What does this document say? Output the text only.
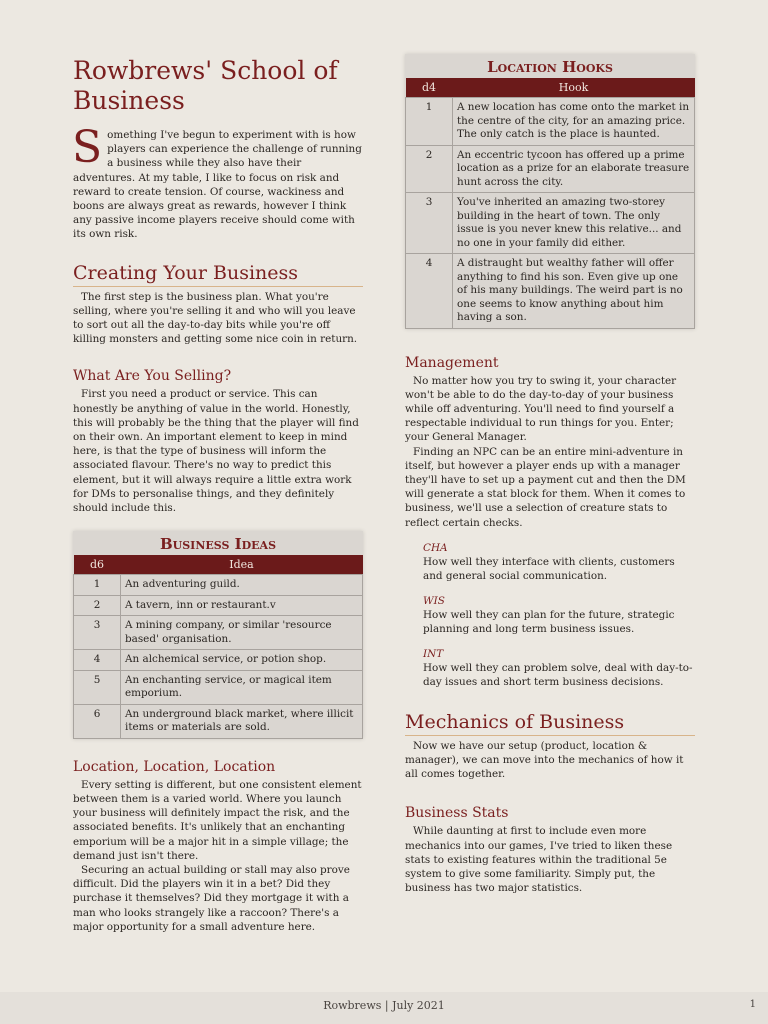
Rowbrews' School of Business

Something I've begun to experiment with is how players can experience the challenge of running a business while they also have their adventures. At my table, I like to focus on risk and reward to create tension. Of course, wackiness and boons are always great as rewards, however I think any passive income players receive should come with its own risk.

Creating Your Business

The first step is the business plan. What you're selling, where you're selling it and who will you leave to sort out all the day-to-day bits while you're off killing monsters and getting some nice coin in return.

What Are You Selling?

First you need a product or service. This can honestly be anything of value in the world. Honestly, this will probably be the thing that the player will find on their own. An important element to keep in mind here, is that the type of business will inform the associated flavour. There's no way to predict this element, but it will always require a little extra work for DMs to personalise things, and they definitely should include this.

Business Ideas
d6	Idea
1	An adventuring guild.
2	A tavern, inn or restaurant.v
3	A mining company, or similar 'resource based' organisation.
4	An alchemical service, or potion shop.
5	An enchanting service, or magical item emporium.
6	An underground black market, where illicit items or materials are sold.
Location, Location, Location

Every setting is different, but one consistent element between them is a varied world. Where you launch your business will definitely impact the risk, and the associated benefits. It's unlikely that an enchanting emporium will be a major hit in a simple village; the demand just isn't there.

Securing an actual building or stall may also prove difficult. Did the players win it in a bet? Did they purchase it themselves? Did they mortgage it with a man who looks strangely like a raccoon? There's a major opportunity for a small adventure here.

Location Hooks
d4	Hook
1	A new location has come onto the market in the centre of the city, for an amazing price. The only catch is the place is haunted.
2	An eccentric tycoon has offered up a prime location as a prize for an elaborate treasure hunt across the city.
3	You've inherited an amazing two-storey building in the heart of town. The only issue is you never knew this relative... and no one in your family did either.
4	A distraught but wealthy father will offer anything to find his son. Even give up one of his many buildings. The weird part is no one seems to know anything about him having a son.
Management

No matter how you try to swing it, your character won't be able to do the day-to-day of your business while off adventuring. You'll need to find yourself a respectable individual to run things for you. Enter; your General Manager.

Finding an NPC can be an entire mini-adventure in itself, but however a player ends up with a manager they'll have to set up a payment cut and then the DM will generate a stat block for them. When it comes to business, we'll use a selection of creature stats to reflect certain checks.

CHA

How well they interface with clients, customers and general social communication.

WIS

How well they can plan for the future, strategic planning and long term business issues.

INT

How well they can problem solve, deal with day-to-day issues and short term business decisions.

Mechanics of Business

Now we have our setup (product, location & manager), we can move into the mechanics of how it all comes together.

Business Stats

While daunting at first to include even more mechanics into our games, I've tried to liken these stats to existing features within the traditional 5e system to give some familiarity. Simply put, the business has two major statistics.

Rowbrews | July 2021	1
